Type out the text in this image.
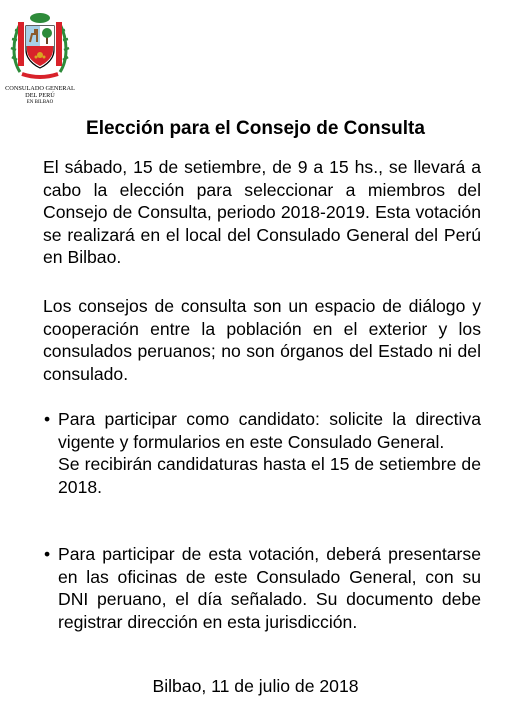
CONSULADO GENERAL
DEL PERÚ
EN BILBAO
Elección para el Consejo de Consulta

El sábado, 15 de setiembre, de 9 a 15 hs., se llevará a cabo la elección para seleccionar a miembros del Consejo de Consulta, periodo 2018-2019. Esta votación se realizará en el local del Consulado General del Perú en Bilbao.

Los consejos de consulta son un espacio de diálogo y cooperación entre la población en el exterior y los consulados peruanos; no son órganos del Estado ni del consulado.

• Para participar como candidato: solicite la directiva vigente y formularios en este Consulado General.

Se recibirán candidaturas hasta el 15 de setiembre de 2018.

• Para participar de esta votación, deberá presentarse en las oficinas de este Consulado General, con su DNI peruano, el día señalado. Su documento debe registrar dirección en esta jurisdicción.

Bilbao, 11 de julio de 2018
